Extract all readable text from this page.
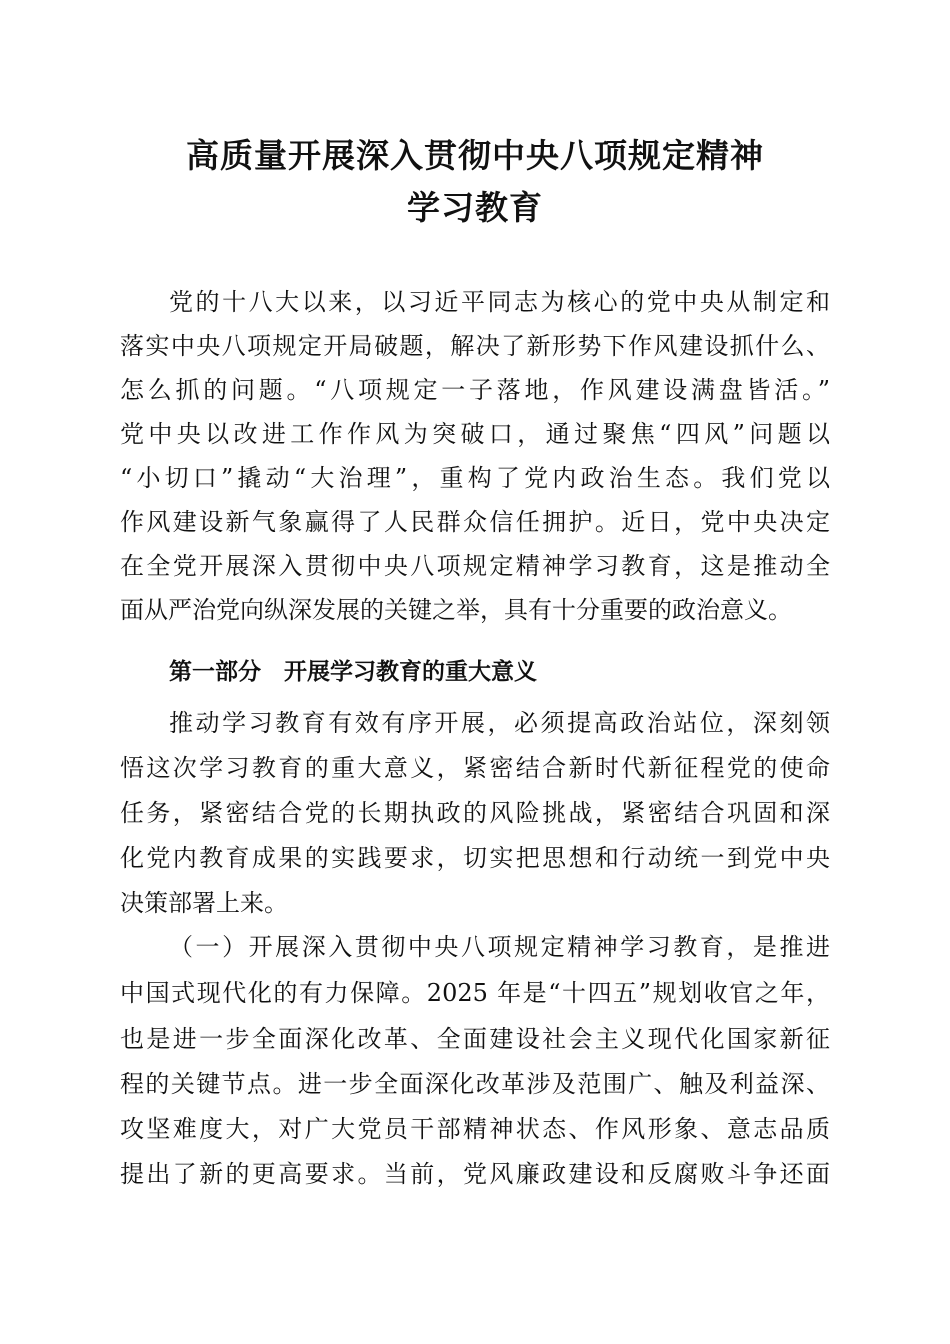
高质量开展深入贯彻中央八项规定精神
学习教育

党的十八大以来，以习近平同志为核心的党中央从制定和

落实中央八项规定开局破题，解决了新形势下作风建设抓什么、

怎么抓的问题。“八项规定一子落地，作风建设满盘皆活。”

党中央以改进工作作风为突破口，通过聚焦“四风”问题以

“小切口”撬动“大治理”，重构了党内政治生态。我们党以

作风建设新气象赢得了人民群众信任拥护。近日，党中央决定

在全党开展深入贯彻中央八项规定精神学习教育，这是推动全

面从严治党向纵深发展的关键之举，具有十分重要的政治意义。

第一部分　开展学习教育的重大意义

推动学习教育有效有序开展，必须提高政治站位，深刻领

悟这次学习教育的重大意义，紧密结合新时代新征程党的使命

任务，紧密结合党的长期执政的风险挑战，紧密结合巩固和深

化党内教育成果的实践要求，切实把思想和行动统一到党中央

决策部署上来。

（一）开展深入贯彻中央八项规定精神学习教育，是推进

中国式现代化的有力保障。2025 年是“十四五”规划收官之年，

也是进一步全面深化改革、全面建设社会主义现代化国家新征

程的关键节点。进一步全面深化改革涉及范围广、触及利益深、

攻坚难度大，对广大党员干部精神状态、作风形象、意志品质

提出了新的更高要求。当前，党风廉政建设和反腐败斗争还面
